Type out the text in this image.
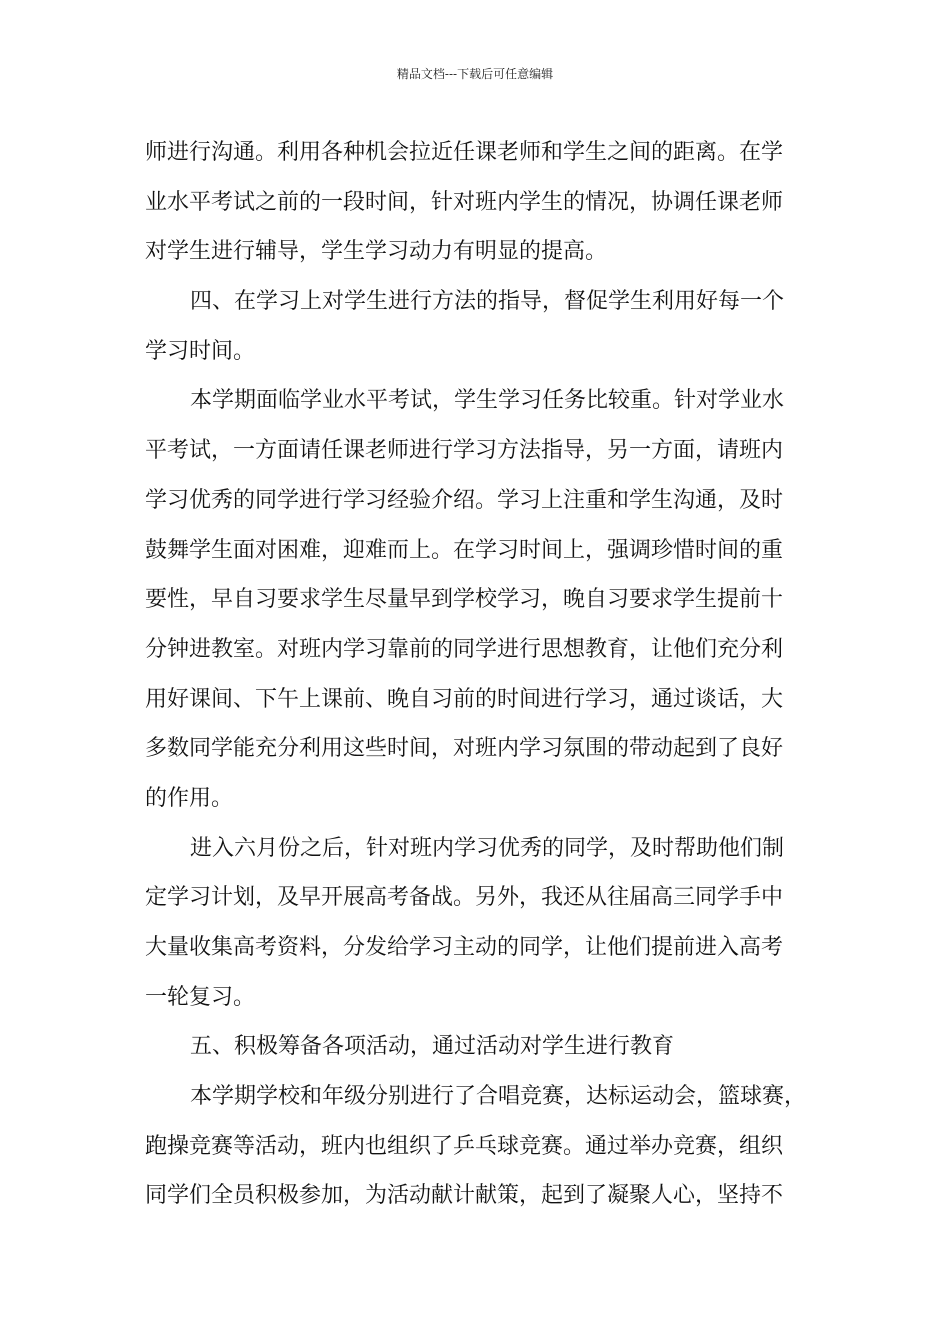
精品文档---下载后可任意编辑
师进行沟通。利用各种机会拉近任课老师和学生之间的距离。在学
业水平考试之前的一段时间，针对班内学生的情况，协调任课老师
对学生进行辅导，学生学习动力有明显的提高。
四、在学习上对学生进行方法的指导，督促学生利用好每一个
学习时间。
本学期面临学业水平考试，学生学习任务比较重。针对学业水
平考试，一方面请任课老师进行学习方法指导，另一方面，请班内
学习优秀的同学进行学习经验介绍。学习上注重和学生沟通，及时
鼓舞学生面对困难，迎难而上。在学习时间上，强调珍惜时间的重
要性，早自习要求学生尽量早到学校学习，晚自习要求学生提前十
分钟进教室。对班内学习靠前的同学进行思想教育，让他们充分利
用好课间、下午上课前、晚自习前的时间进行学习，通过谈话，大
多数同学能充分利用这些时间，对班内学习氛围的带动起到了良好
的作用。
进入六月份之后，针对班内学习优秀的同学，及时帮助他们制
定学习计划，及早开展高考备战。另外，我还从往届高三同学手中
大量收集高考资料，分发给学习主动的同学，让他们提前进入高考
一轮复习。
五、积极筹备各项活动，通过活动对学生进行教育
本学期学校和年级分别进行了合唱竞赛，达标运动会，篮球赛，
跑操竞赛等活动，班内也组织了乒乓球竞赛。通过举办竞赛，组织
同学们全员积极参加，为活动献计献策，起到了凝聚人心，坚持不
